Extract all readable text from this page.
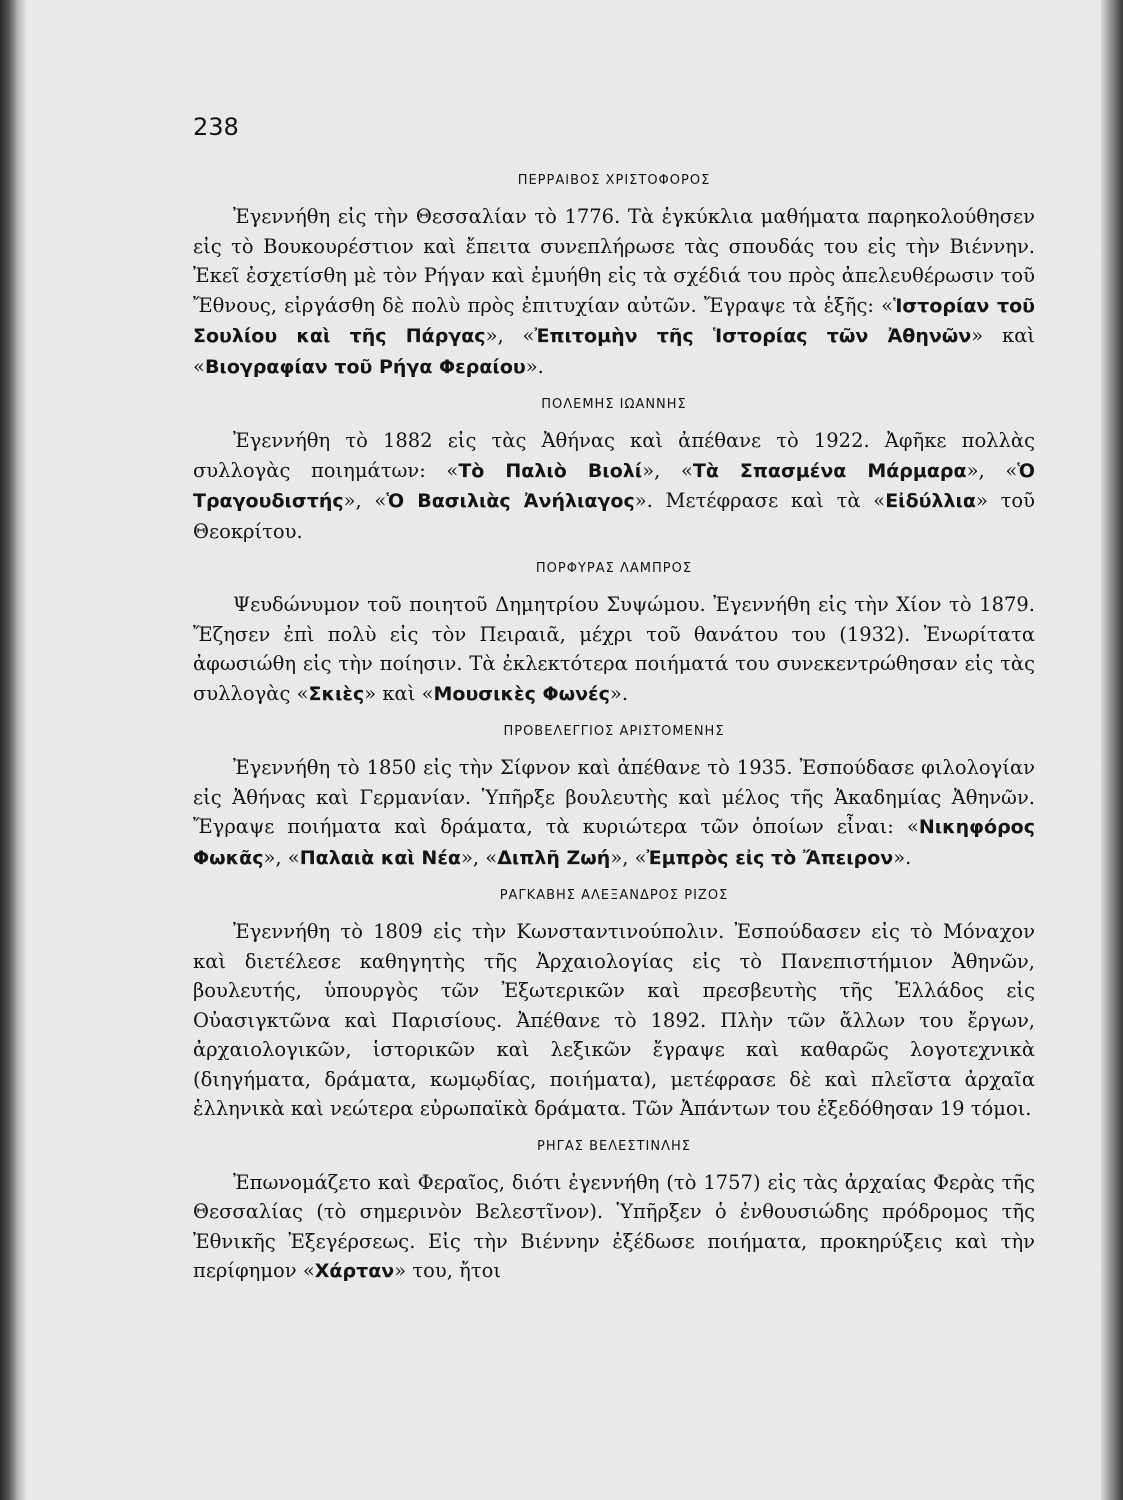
238
ΠΕΡΡΑΙΒΟΣ ΧΡΙΣΤΟΦΟΡΟΣ

Ἐγεννήθη εἰς τὴν Θεσσαλίαν τὸ 1776. Τὰ ἐγκύκλια μαθήματα παρηκολούθησεν εἰς τὸ Βουκουρέστιον καὶ ἔπειτα συνεπλήρωσε τὰς σπουδάς του εἰς τὴν Βιέννην. Ἐκεῖ ἐσχετίσθη μὲ τὸν Ρήγαν καὶ ἐμυήθη εἰς τὰ σχέδιά του πρὸς ἀπελευθέρωσιν τοῦ Ἔθνους, εἰργάσθη δὲ πολὺ πρὸς ἐπιτυχίαν αὐτῶν. Ἔγραψε τὰ ἑξῆς: «Ἱστορίαν τοῦ Σουλίου καὶ τῆς Πάργας», «Ἐπιτομὴν τῆς Ἱστορίας τῶν Ἀθηνῶν» καὶ «Βιογραφίαν τοῦ Ρήγα Φεραίου».

ΠΟΛΕΜΗΣ ΙΩΑΝΝΗΣ

Ἐγεννήθη τὸ 1882 εἰς τὰς Ἀθήνας καὶ ἀπέθανε τὸ 1922. Ἀφῆκε πολλὰς συλλογὰς ποιημάτων: «Τὸ Παλιὸ Βιολί», «Τὰ Σπασμένα Μάρμαρα», «Ὁ Τραγουδιστής», «Ὁ Βασιλιὰς Ἀνήλιαγος». Μετέφρασε καὶ τὰ «Εἰδύλλια» τοῦ Θεοκρίτου.

ΠΟΡΦΥΡΑΣ ΛΑΜΠΡΟΣ

Ψευδώνυμον τοῦ ποιητοῦ Δημητρίου Συψώμου. Ἐγεννήθη εἰς τὴν Χίον τὸ 1879. Ἔζησεν ἐπὶ πολὺ εἰς τὸν Πειραιᾶ, μέχρι τοῦ θανάτου του (1932). Ἐνωρίτατα ἀφωσιώθη εἰς τὴν ποίησιν. Τὰ ἐκλεκτότερα ποιήματά του συνεκεντρώθησαν εἰς τὰς συλλογὰς «Σκιὲς» καὶ «Μουσικὲς Φωνές».

ΠΡΟΒΕΛΕΓΓΙΟΣ ΑΡΙΣΤΟΜΕΝΗΣ

Ἐγεννήθη τὸ 1850 εἰς τὴν Σίφνον καὶ ἀπέθανε τὸ 1935. Ἐσπούδασε φιλολογίαν εἰς Ἀθήνας καὶ Γερμανίαν. Ὑπῆρξε βουλευτὴς καὶ μέλος τῆς Ἀκαδημίας Ἀθηνῶν. Ἔγραψε ποιήματα καὶ δράματα, τὰ κυριώτερα τῶν ὁποίων εἶναι: «Νικηφόρος Φωκᾶς», «Παλαιὰ καὶ Νέα», «Διπλῆ Ζωή», «Ἐμπρὸς εἰς τὸ Ἄπειρον».

ΡΑΓΚΑΒΗΣ ΑΛΕΞΑΝΔΡΟΣ ΡΙΖΟΣ

Ἐγεννήθη τὸ 1809 εἰς τὴν Κωνσταντινούπολιν. Ἐσπούδασεν εἰς τὸ Μόναχον καὶ διετέλεσε καθηγητὴς τῆς Ἀρχαιολογίας εἰς τὸ Πανεπιστήμιον Ἀθηνῶν, βουλευτής, ὑπουργὸς τῶν Ἐξωτερικῶν καὶ πρεσβευτὴς τῆς Ἑλλάδος εἰς Οὐασιγκτῶνα καὶ Παρισίους. Ἀπέθανε τὸ 1892. Πλὴν τῶν ἄλλων του ἔργων, ἀρχαιολογικῶν, ἱστορικῶν καὶ λεξικῶν ἔγραψε καὶ καθαρῶς λογοτεχνικὰ (διηγήματα, δράματα, κωμῳδίας, ποιήματα), μετέφρασε δὲ καὶ πλεῖστα ἀρχαῖα ἑλληνικὰ καὶ νεώτερα εὐρωπαϊκὰ δράματα. Τῶν Ἀπάντων του ἐξεδόθησαν 19 τόμοι.

ΡΗΓΑΣ ΒΕΛΕΣΤΙΝΛΗΣ

Ἐπωνομάζετο καὶ Φεραῖος, διότι ἐγεννήθη (τὸ 1757) εἰς τὰς ἀρχαίας Φερὰς τῆς Θεσσαλίας (τὸ σημερινὸν Βελεστῖνον). Ὑπῆρξεν ὁ ἐνθουσιώδης πρόδρομος τῆς Ἐθνικῆς Ἐξεγέρσεως. Εἰς τὴν Βιέννην ἐξέδωσε ποιήματα, προκηρύξεις καὶ τὴν περίφημον «Χάρταν» του, ἤτοι
